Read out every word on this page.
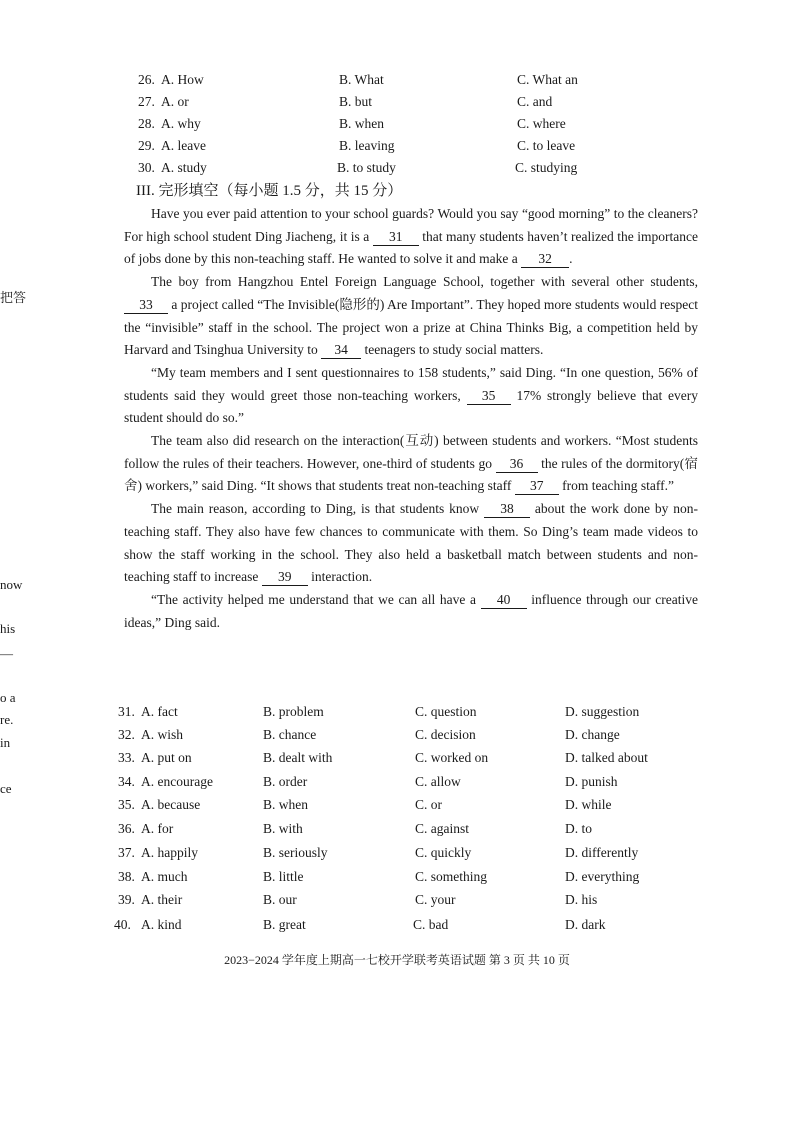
把答
now
his
—
o a
re.
in
ce
26. A. How	B. What	C. What an
27. A. or	B. but	C. and
28. A. why	B. when	C. where
29. A. leave	B. leaving	C. to leave
30. A. study	B. to study	C. studying
III. 完形填空（每小题 1.5 分，共 15 分）

Have you ever paid attention to your school guards? Would you say “good morning” to the cleaners? For high school student Ding Jiacheng, it is a 31 that many students haven’t realized the importance of jobs done by this non-teaching staff. He wanted to solve it and make a 32 .

The boy from Hangzhou Entel Foreign Language School, together with several other students, 33 a project called “The Invisible(隐形的) Are Important”. They hoped more students would respect the “invisible” staff in the school. The project won a prize at China Thinks Big, a competition held by Harvard and Tsinghua University to 34 teenagers to study social matters.

“My team members and I sent questionnaires to 158 students,” said Ding. “In one question, 56% of students said they would greet those non-teaching workers, 35 17% strongly believe that every student should do so.”

The team also did research on the interaction(互动) between students and workers. “Most students follow the rules of their teachers. However, one-third of students go 36 the rules of the dormitory(宿舍) workers,” said Ding. “It shows that students treat non-teaching staff 37 from teaching staff.”

The main reason, according to Ding, is that students know 38 about the work done by non-teaching staff. They also have few chances to communicate with them. So Ding’s team made videos to show the staff working in the school. They also held a basketball match between students and non-teaching staff to increase 39 interaction.

“The activity helped me understand that we can all have a 40 influence through our creative ideas,” Ding said.

31. A. fact	B. problem	C. question	D. suggestion
32. A. wish	B. chance	C. decision	D. change
33. A. put on	B. dealt with	C. worked on	D. talked about
34. A. encourage	B. order	C. allow	D. punish
35. A. because	B. when	C. or	D. while
36. A. for	B. with	C. against	D. to
37. A. happily	B. seriously	C. quickly	D. differently
38. A. much	B. little	C. something	D. everything
39. A. their	B. our	C. your	D. his
40. A. kind	B. great	C. bad	D. dark
2023−2024 学年度上期高一七校开学联考英语试题 第 3 页 共 10 页
